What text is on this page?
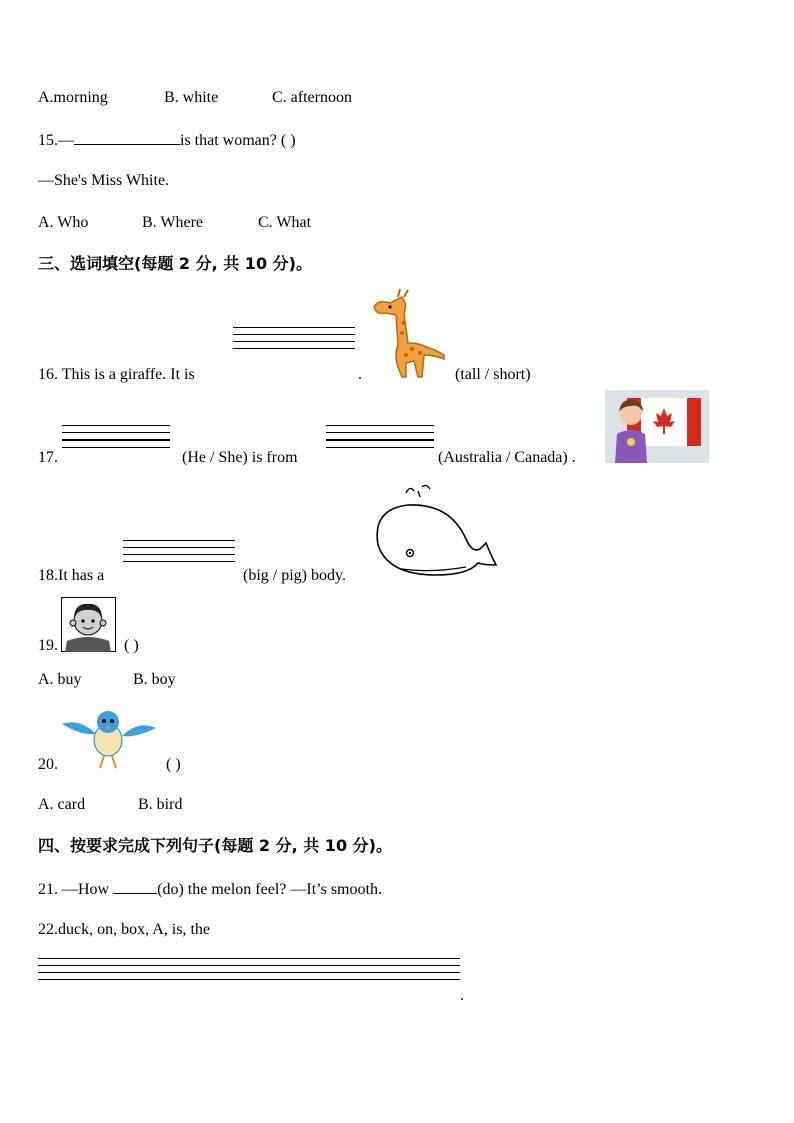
A.morning	B. white	C. afternoon
15.—	is that woman? ( )
—She's Miss White.
A. Who	B. Where	C. What
三、选词填空(每题 2 分, 共 10 分)。
16. This is a giraffe. It is	.	(tall / short)
17.	(He / She) is from	(Australia / Canada) .
18.It has a	(big / pig) body.
19.	( )
A. buy	B. boy
20.	( )
A. card	B. bird
四、按要求完成下列句子(每题 2 分, 共 10 分)。
21. —How	(do) the melon feel? —It’s smooth.
22.duck, on, box, A, is, the
.
